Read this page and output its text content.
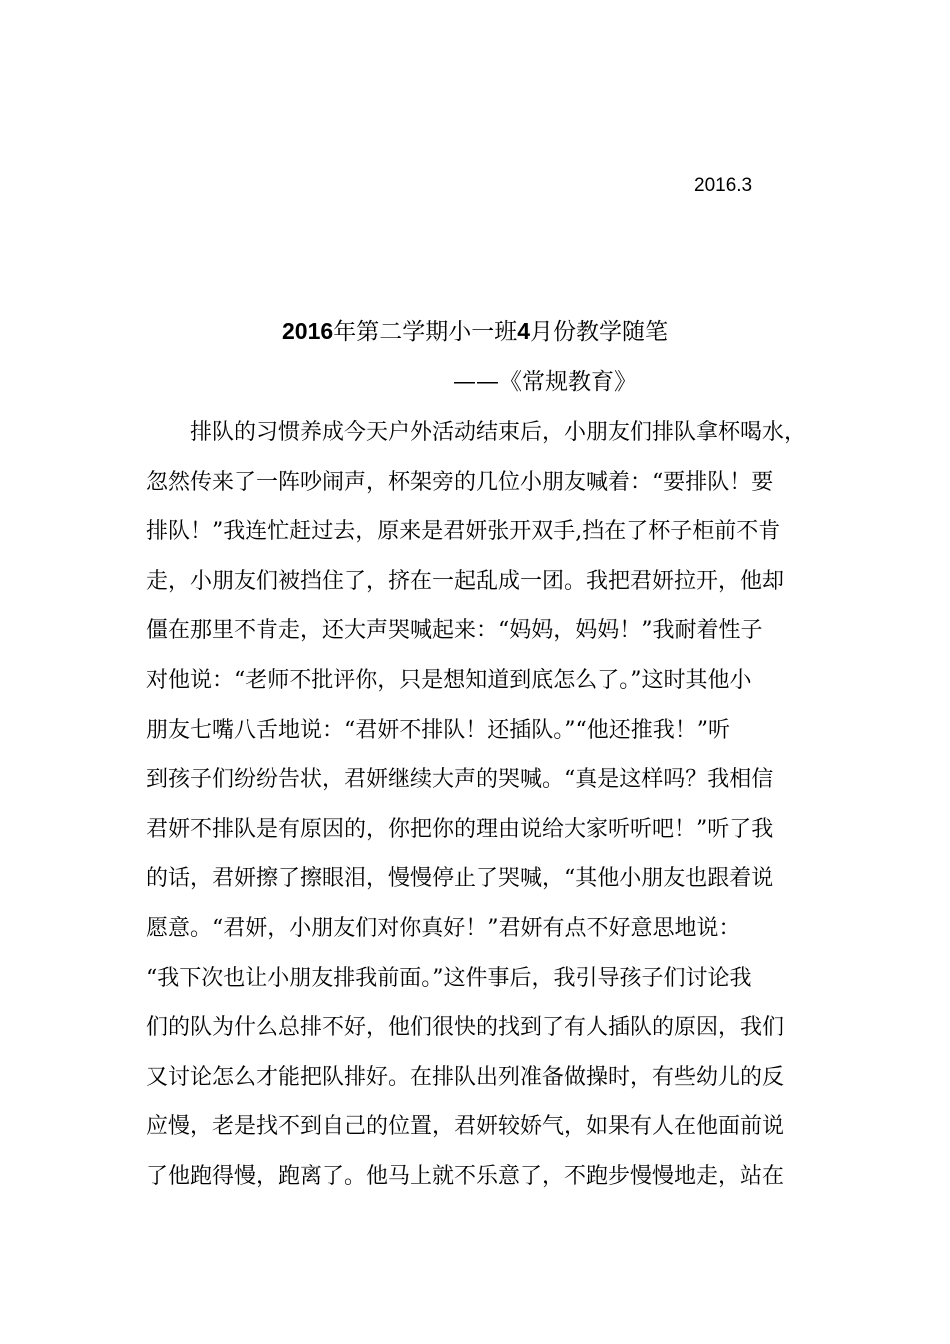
2016.3
2016年第二学期小一班4月份教学随笔
——《常规教育》
排队的习惯养成今天户外活动结束后，小朋友们排队拿杯喝水，
忽然传来了一阵吵闹声，杯架旁的几位小朋友喊着：“要排队！要
排队！”我连忙赶过去，原来是君妍张开双手,挡在了杯子柜前不肯
走，小朋友们被挡住了，挤在一起乱成一团。我把君妍拉开，他却
僵在那里不肯走，还大声哭喊起来：“妈妈，妈妈！”我耐着性子
对他说：“老师不批评你，只是想知道到底怎么了。”这时其他小
朋友七嘴八舌地说：“君妍不排队！还插队。”“他还推我！”听
到孩子们纷纷告状，君妍继续大声的哭喊。“真是这样吗？我相信
君妍不排队是有原因的，你把你的理由说给大家听听吧！”听了我
的话，君妍擦了擦眼泪，慢慢停止了哭喊，“其他小朋友也跟着说
愿意。“君妍，小朋友们对你真好！”君妍有点不好意思地说：
“我下次也让小朋友排我前面。”这件事后，我引导孩子们讨论我
们的队为什么总排不好，他们很快的找到了有人插队的原因，我们
又讨论怎么才能把队排好。在排队出列准备做操时，有些幼儿的反
应慢，老是找不到自己的位置，君妍较娇气，如果有人在他面前说
了他跑得慢，跑离了。他马上就不乐意了，不跑步慢慢地走，站在
